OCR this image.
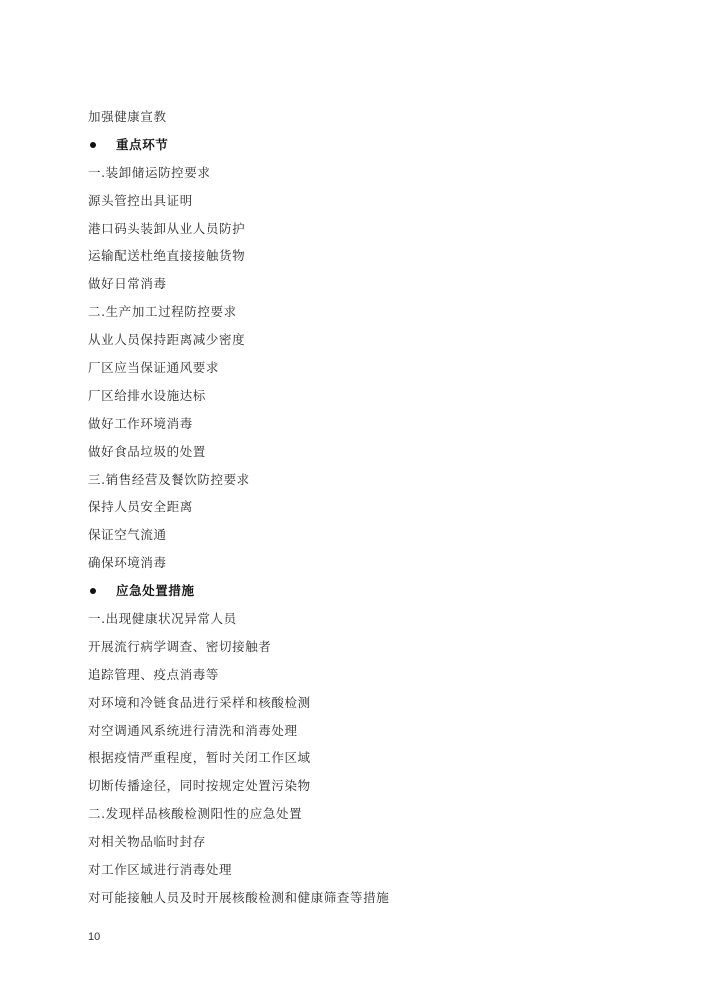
加强健康宣教
重点环节
一.装卸储运防控要求
源头管控出具证明
港口码头装卸从业人员防护
运输配送杜绝直接接触货物
做好日常消毒
二.生产加工过程防控要求
从业人员保持距离减少密度
厂区应当保证通风要求
厂区给排水设施达标
做好工作环境消毒
做好食品垃圾的处置
三.销售经营及餐饮防控要求
保持人员安全距离
保证空气流通
确保环境消毒
应急处置措施
一.出现健康状况异常人员
开展流行病学调查、密切接触者
追踪管理、疫点消毒等
对环境和冷链食品进行采样和核酸检测
对空调通风系统进行清洗和消毒处理
根据疫情严重程度，暂时关闭工作区域
切断传播途径，同时按规定处置污染物
二.发现样品核酸检测阳性的应急处置
对相关物品临时封存
对工作区域进行消毒处理
对可能接触人员及时开展核酸检测和健康筛查等措施
10
